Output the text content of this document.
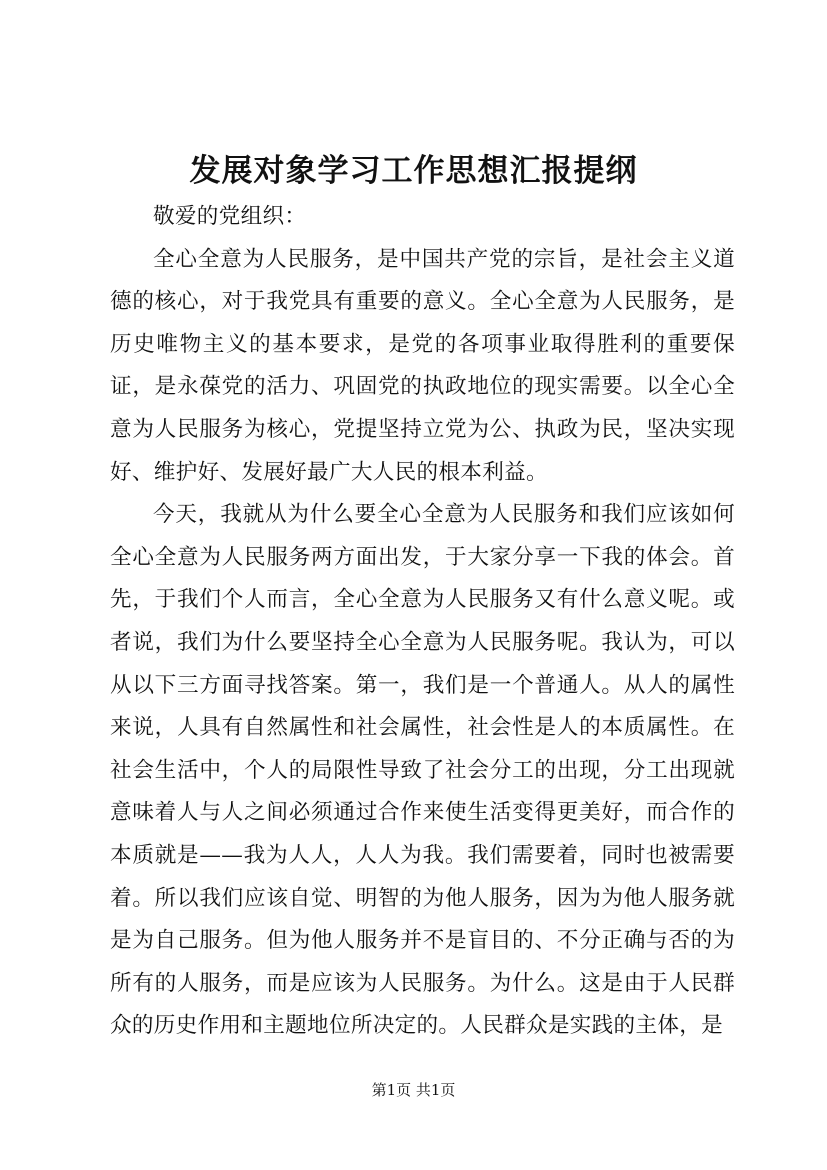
发展对象学习工作思想汇报提纲

敬爱的党组织：

全心全意为人民服务，是中国共产党的宗旨，是社会主义道德的核心，对于我党具有重要的意义。全心全意为人民服务，是历史唯物主义的基本要求，是党的各项事业取得胜利的重要保证，是永葆党的活力、巩固党的执政地位的现实需要。以全心全意为人民服务为核心，党提坚持立党为公、执政为民，坚决实现好、维护好、发展好最广大人民的根本利益。

今天，我就从为什么要全心全意为人民服务和我们应该如何全心全意为人民服务两方面出发，于大家分享一下我的体会。首先，于我们个人而言，全心全意为人民服务又有什么意义呢。或者说，我们为什么要坚持全心全意为人民服务呢。我认为，可以从以下三方面寻找答案。第一，我们是一个普通人。从人的属性来说，人具有自然属性和社会属性，社会性是人的本质属性。在社会生活中，个人的局限性导致了社会分工的出现，分工出现就意味着人与人之间必须通过合作来使生活变得更美好，而合作的本质就是——我为人人，人人为我。我们需要着，同时也被需要着。所以我们应该自觉、明智的为他人服务，因为为他人服务就是为自己服务。但为他人服务并不是盲目的、不分正确与否的为所有的人服务，而是应该为人民服务。为什么。这是由于人民群众的历史作用和主题地位所决定的。人民群众是实践的主体，是

第1页 共1页
